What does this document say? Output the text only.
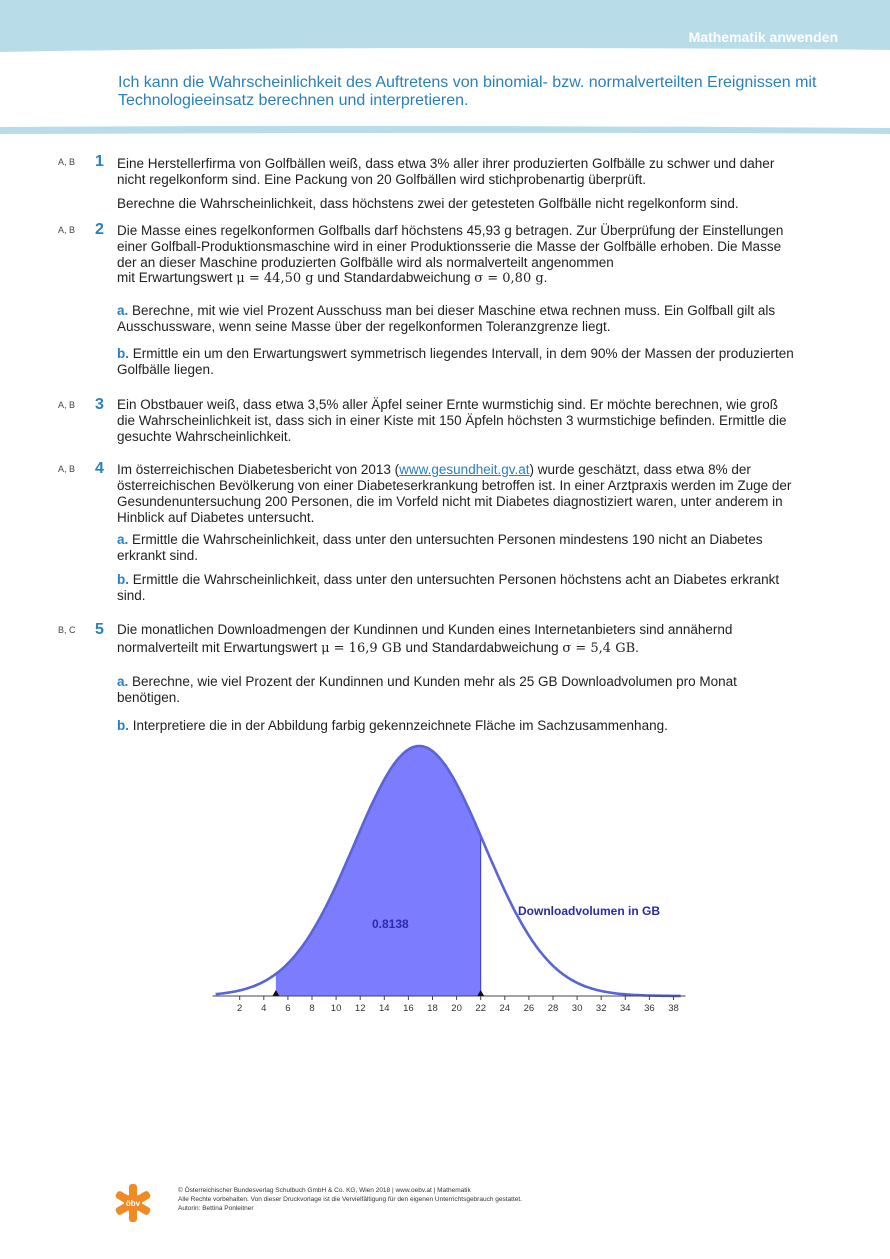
Mathematik anwenden
Ich kann die Wahrscheinlichkeit des Auftretens von binomial- bzw. normalverteilten Ereignissen mit Technologieeinsatz berechnen und interpretieren.
A, B 1 Eine Herstellerfirma von Golfbällen weiß, dass etwa 3% aller ihrer produzierten Golfbälle zu schwer und daher nicht regelkonform sind. Eine Packung von 20 Golfbällen wird stichprobenartig überprüft.
Berechne die Wahrscheinlichkeit, dass höchstens zwei der getesteten Golfbälle nicht regelkonform sind.
A, B 2 Die Masse eines regelkonformen Golfballs darf höchstens 45,93 g betragen. Zur Überprüfung der Einstellungen einer Golfball-Produktionsmaschine wird in einer Produktionsserie die Masse der Golfbälle erhoben. Die Masse der an dieser Maschine produzierten Golfbälle wird als normalverteilt angenommen
mit Erwartungswert μ = 44,50 g und Standardabweichung σ = 0,80 g.
a. Berechne, mit wie viel Prozent Ausschuss man bei dieser Maschine etwa rechnen muss. Ein Golfball gilt als Ausschussware, wenn seine Masse über der regelkonformen Toleranzgrenze liegt.
b. Ermittle ein um den Erwartungswert symmetrisch liegendes Intervall, in dem 90% der Massen der produzierten Golfbälle liegen.
A, B 3 Ein Obstbauer weiß, dass etwa 3,5% aller Äpfel seiner Ernte wurmstichig sind. Er möchte berechnen, wie groß die Wahrscheinlichkeit ist, dass sich in einer Kiste mit 150 Äpfeln höchsten 3 wurmstichige befinden. Ermittle die gesuchte Wahrscheinlichkeit.
A, B 4 Im österreichischen Diabetesbericht von 2013 (www.gesundheit.gv.at) wurde geschätzt, dass etwa 8% der österreichischen Bevölkerung von einer Diabeteserkrankung betroffen ist. In einer Arztpraxis werden im Zuge der Gesundenuntersuchung 200 Personen, die im Vorfeld nicht mit Diabetes diagnostiziert waren, unter anderem in Hinblick auf Diabetes untersucht.
a. Ermittle die Wahrscheinlichkeit, dass unter den untersuchten Personen mindestens 190 nicht an Diabetes erkrankt sind.
b. Ermittle die Wahrscheinlichkeit, dass unter den untersuchten Personen höchstens acht an Diabetes erkrankt sind.
B, C 5 Die monatlichen Downloadmengen der Kundinnen und Kunden eines Internetanbieters sind annähernd
normalverteilt mit Erwartungswert μ = 16,9 GB und Standardabweichung σ = 5,4 GB.
a. Berechne, wie viel Prozent der Kundinnen und Kunden mehr als 25 GB Downloadvolumen pro Monat benötigen.
b. Interpretiere die in der Abbildung farbig gekennzeichnete Fläche im Sachzusammenhang.
2 4 6 8 10 12 14 16 18 20 22 24 26 28 30 32 34 36 38
0.8138
Downloadvolumen in GB
öbv
© Österreichischer Bundesverlag Schulbuch GmbH & Co. KG, Wien 2018 | www.oebv.at | Mathematik
Alle Rechte vorbehalten. Von dieser Druckvorlage ist die Vervielfältigung für den eigenen Unterrichtsgebrauch gestattet.
Autorin: Bettina Ponleitner
